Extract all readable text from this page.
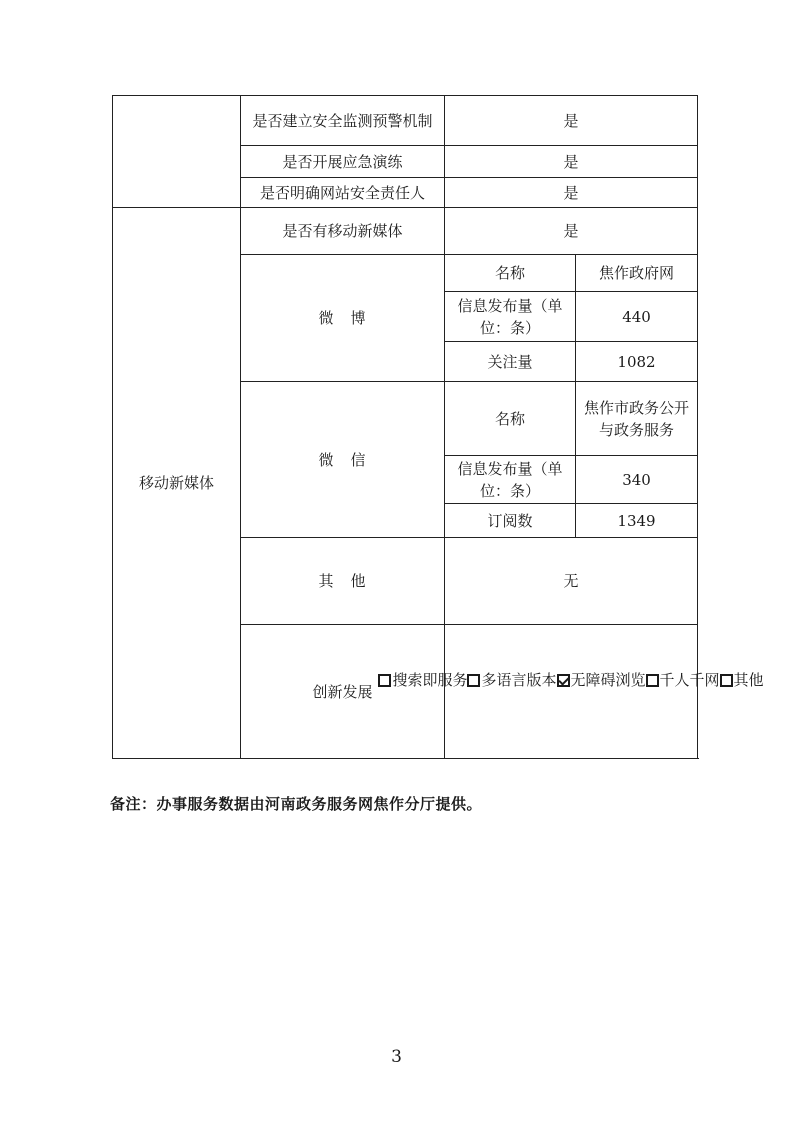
	是否建立安全监测预警机制	是	
	是否开展应急演练	是	
	是否明确网站安全责任人	是	
移动新媒体	是否有移动新媒体	是	
	微　博	名称	焦作政府网
		信息发布量（单位：条）	440
		关注量	1082
	微　信	名称	焦作市政务公开与政务服务
		信息发布量（单位：条）	340
		订阅数	1349
	其　他	无	
	创新发展	搜索即服务 多语言版本 无障碍浏览 千人千网 其他	
备注：办事服务数据由河南政务服务网焦作分厅提供。
3
